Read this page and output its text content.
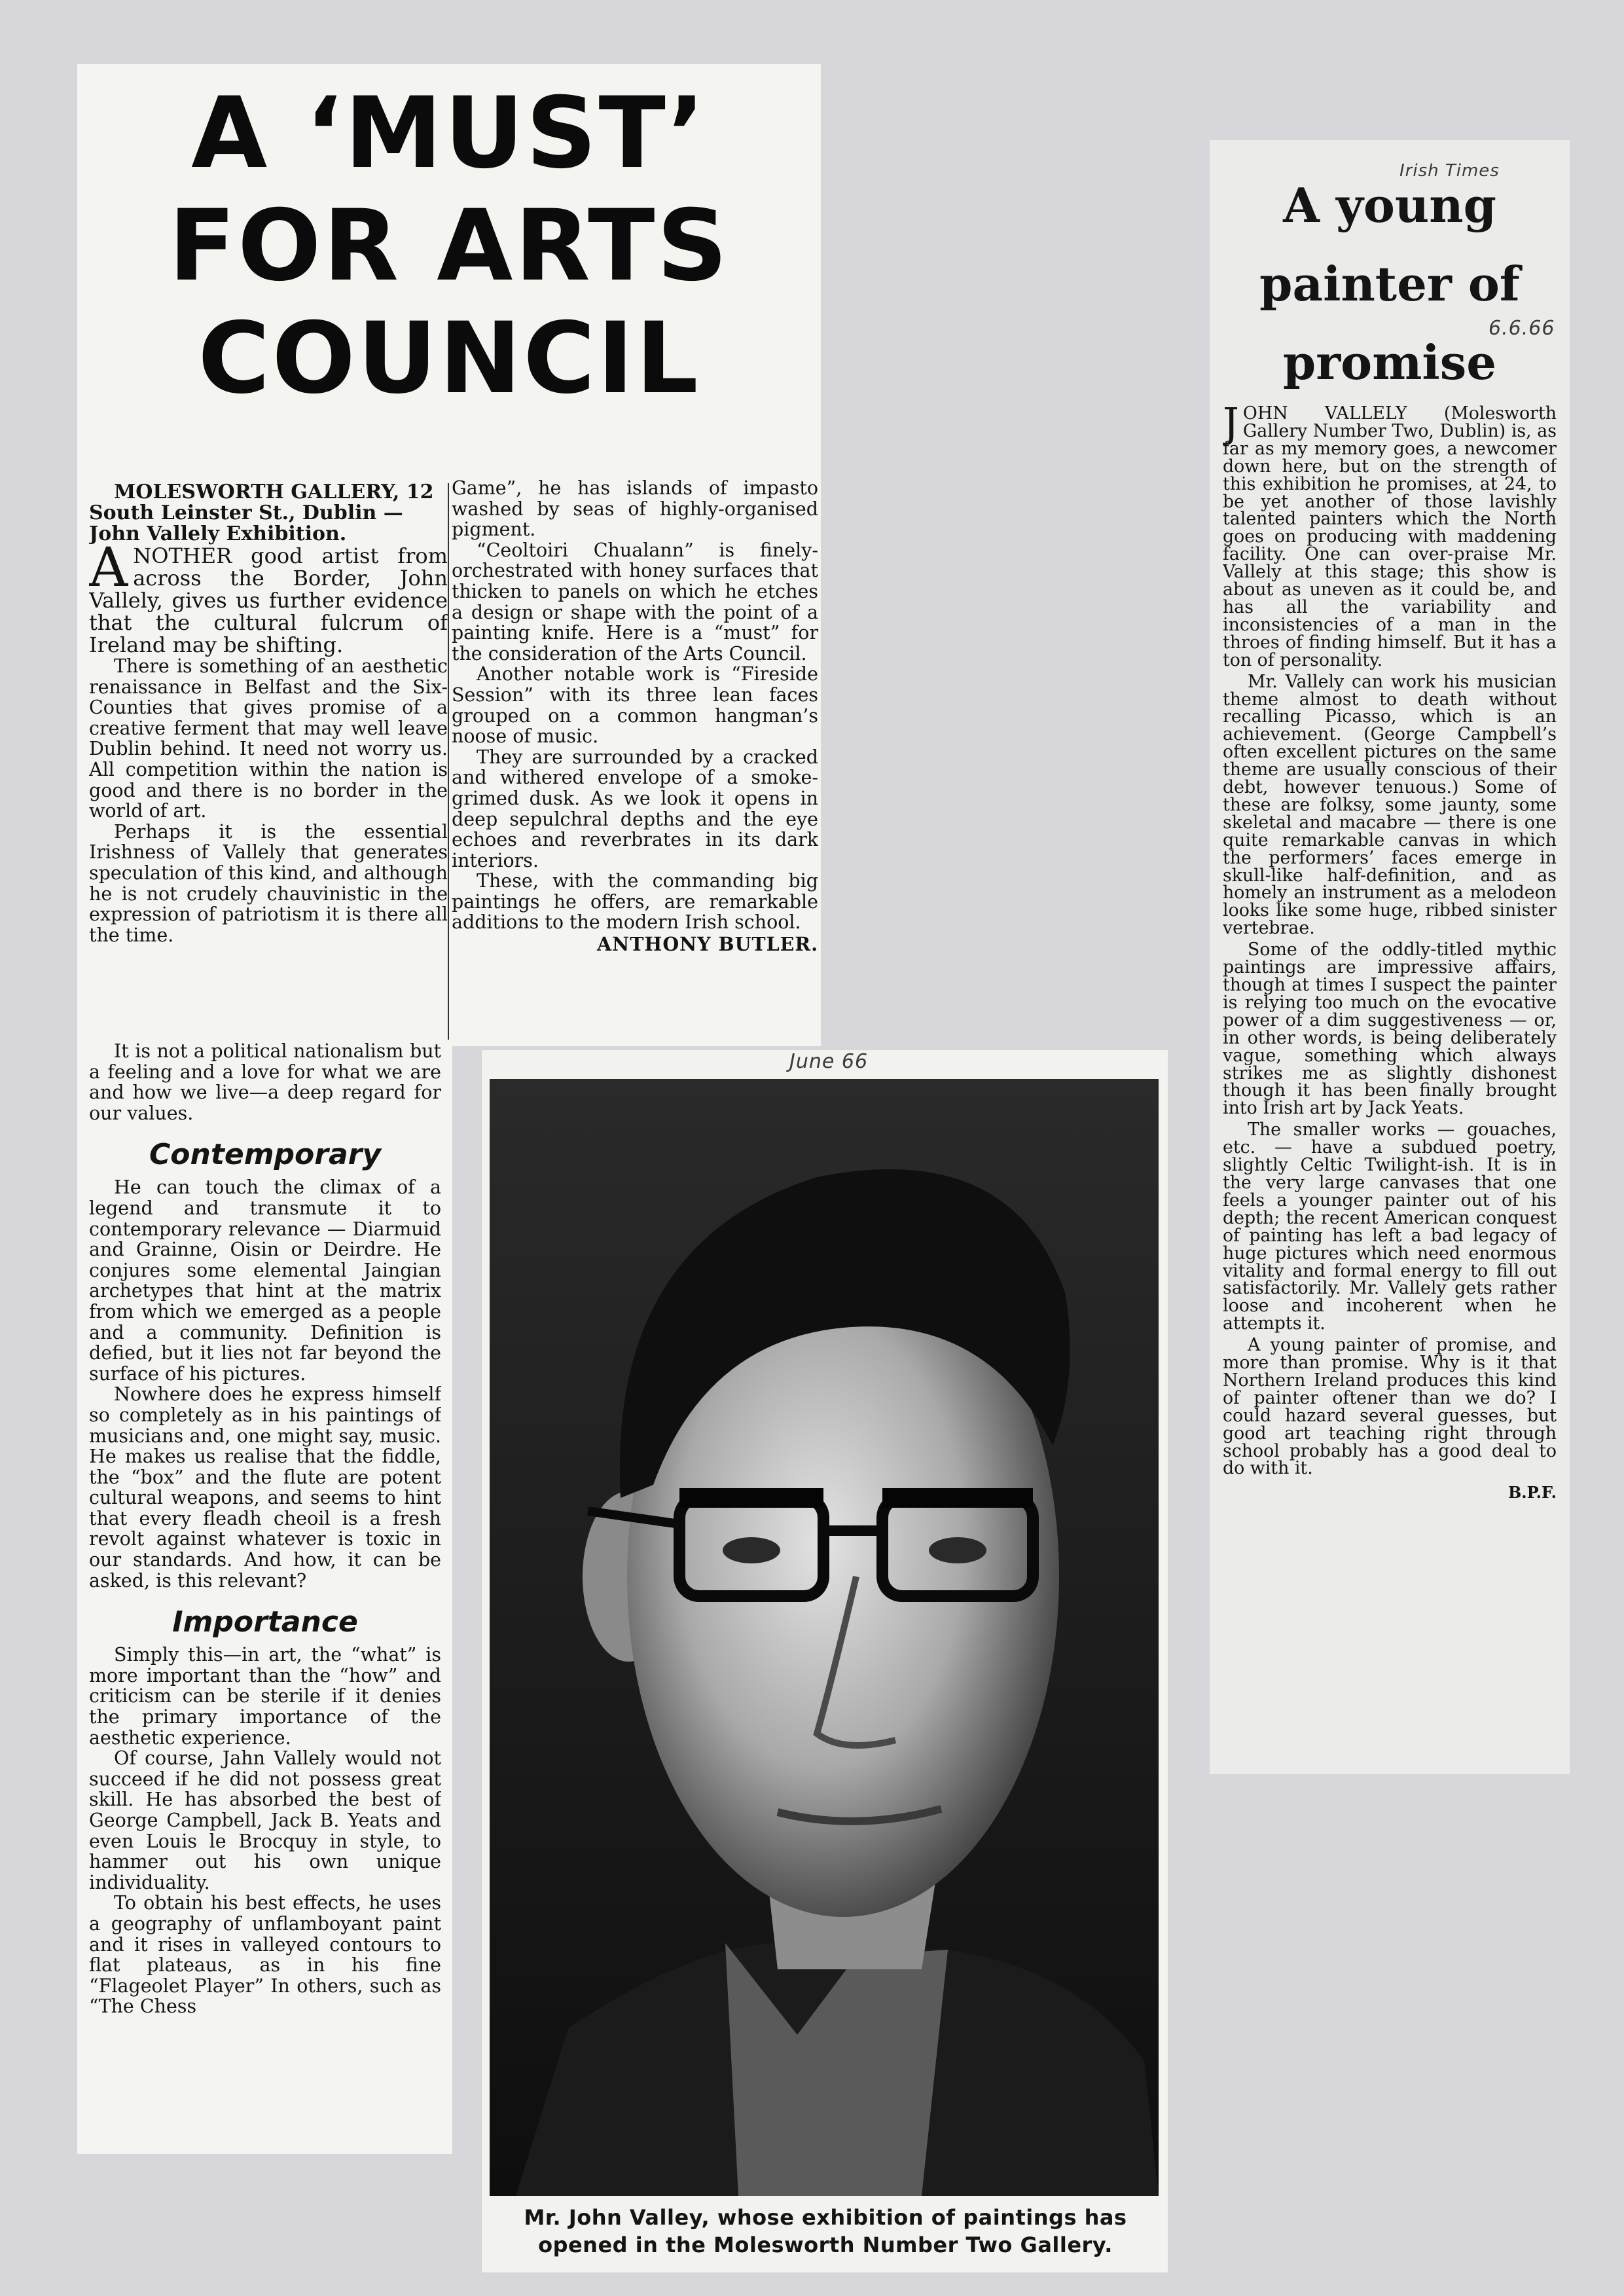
A ‘MUST’
FOR ARTS
COUNCIL

MOLESWORTH GALLERY, 12 South Leinster St., Dublin —John Vallely Exhibition.

ANOTHER good artist from across the Border, John Vallely, gives us further evidence that the cultural fulcrum of Ireland may be shifting.

There is something of an aesthetic renaissance in Belfast and the Six-Counties that gives promise of a creative ferment that may well leave Dublin behind. It need not worry us. All competition within the nation is good and there is no border in the world of art.

Perhaps it is the essential Irishness of Vallely that generates speculation of this kind, and although he is not crudely chauvinistic in the expression of patriotism it is there all the time.

Game”, he has islands of impasto washed by seas of highly-organised pigment.

“Ceoltoiri Chualann” is finely-orchestrated with honey surfaces that thicken to panels on which he etches a design or shape with the point of a painting knife. Here is a “must” for the consideration of the Arts Council.

Another notable work is “Fireside Session” with its three lean faces grouped on a common hangman’s noose of music.

They are surrounded by a cracked and withered envelope of a smoke-grimed dusk. As we look it opens in deep sepulchral depths and the eye echoes and reverbrates in its dark interiors.

These, with the commanding big paintings he offers, are remarkable additions to the modern Irish school.

ANTHONY BUTLER.

It is not a political nationalism but a feeling and a love for what we are and how we live—a deep regard for our values.

Contemporary

He can touch the climax of a legend and transmute it to contemporary relevance — Diarmuid and Grainne, Oisin or Deirdre. He conjures some elemental Jaingian archetypes that hint at the matrix from which we emerged as a people and a community. Definition is defied, but it lies not far beyond the surface of his pictures.

Nowhere does he express himself so completely as in his paintings of musicians and, one might say, music. He makes us realise that the fiddle, the “box” and the flute are potent cultural weapons, and seems to hint that every fleadh cheoil is a fresh revolt against whatever is toxic in our standards. And how, it can be asked, is this relevant?

Importance

Simply this—in art, the “what” is more important than the “how” and criticism can be sterile if it denies the primary importance of the aesthetic experience.

Of course, Jahn Vallely would not succeed if he did not possess great skill. He has absorbed the best of George Campbell, Jack B. Yeats and even Louis le Brocquy in style, to hammer out his own unique individuality.

To obtain his best effects, he uses a geography of unflamboyant paint and it rises in valleyed contours to flat plateaus, as in his fine “Flageolet Player” In others, such as “The Chess

June 66

Mr. John Valley, whose exhibition of paintings has
opened in the Molesworth Number Two Gallery.

Irish Times
6.6.66
A young
painter of
promise

JOHN VALLELY (Molesworth Gallery Number Two, Dublin) is, as far as my memory goes, a newcomer down here, but on the strength of this exhibition he promises, at 24, to be yet another of those lavishly talented painters which the North goes on producing with maddening facility. One can over-praise Mr. Vallely at this stage; this show is about as uneven as it could be, and has all the variability and inconsistencies of a man in the throes of finding himself. But it has a ton of personality.

Mr. Vallely can work his musician theme almost to death without recalling Picasso, which is an achievement. (George Campbell’s often excellent pictures on the same theme are usually conscious of their debt, however tenuous.) Some of these are folksy, some jaunty, some skeletal and macabre — there is one quite remarkable canvas in which the performers’ faces emerge in skull-like half-definition, and as homely an instrument as a melodeon looks like some huge, ribbed sinister vertebrae.

Some of the oddly-titled mythic paintings are impressive affairs, though at times I suspect the painter is relying too much on the evocative power of a dim suggestiveness — or, in other words, is being deliberately vague, something which always strikes me as slightly dishonest though it has been finally brought into Irish art by Jack Yeats.

The smaller works — gouaches, etc. — have a subdued poetry, slightly Celtic Twilight-ish. It is in the very large canvases that one feels a younger painter out of his depth; the recent American conquest of painting has left a bad legacy of huge pictures which need enormous vitality and formal energy to fill out satisfactorily. Mr. Vallely gets rather loose and incoherent when he attempts it.

A young painter of promise, and more than promise. Why is it that Northern Ireland produces this kind of painter oftener than we do? I could hazard several guesses, but good art teaching right through school probably has a good deal to do with it.

B.P.F.
